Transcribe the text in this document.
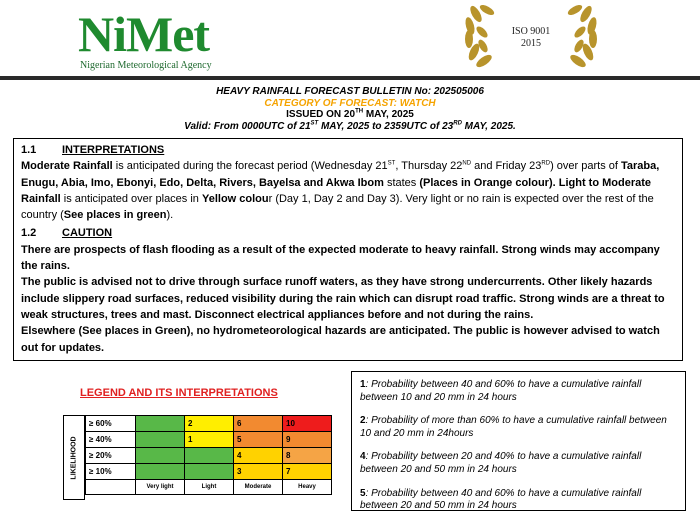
NiMet
Nigerian Meteorological Agency
ISO 9001
2015
HEAVY RAINFALL FORECAST BULLETIN No: 202505006
CATEGORY OF FORECAST: WATCH
ISSUED ON 20TH MAY, 2025
Valid: From 0000UTC of 21ST MAY, 2025 to 2359UTC of 23RD MAY, 2025.
1.1	INTERPRETATIONS

Moderate Rainfall is anticipated during the forecast period (Wednesday 21ST, Thursday 22ND and Friday 23RD) over parts of Taraba, Enugu, Abia, Imo, Ebonyi, Edo, Delta, Rivers, Bayelsa and Akwa Ibom states (Places in Orange colour). Light to Moderate Rainfall is anticipated over places in Yellow colour (Day 1, Day 2 and Day 3). Very light or no rain is expected over the rest of the country (See places in green).

1.2	CAUTION

There are prospects of flash flooding as a result of the expected moderate to heavy rainfall. Strong winds may accompany the rains.

The public is advised not to drive through surface runoff waters, as they have strong undercurrents. Other likely hazards include slippery road surfaces, reduced visibility during the rain which can disrupt road traffic. Strong winds are a threat to weak structures, trees and mast. Disconnect electrical appliances before and not during the rains.

Elsewhere (See places in Green), no hydrometeorological hazards are anticipated. The public is however advised to watch out for updates.

LEGEND AND ITS INTERPRETATIONS
LIKELIHOOD
≥ 60%		2	6	10
≥ 40%		1	5	9
≥ 20%			4	8
≥ 10%			3	7
	Very light	Light	Moderate	Heavy

1: Probability between 40 and 60% to have a cumulative rainfall between 10 and 20 mm in 24 hours

2: Probability of more than 60% to have a cumulative rainfall between 10 and 20 mm in 24hours

4: Probability between 20 and 40% to have a cumulative rainfall between 20 and 50 mm in 24 hours

5: Probability between 40 and 60% to have a cumulative rainfall between 20 and 50 mm in 24 hours
